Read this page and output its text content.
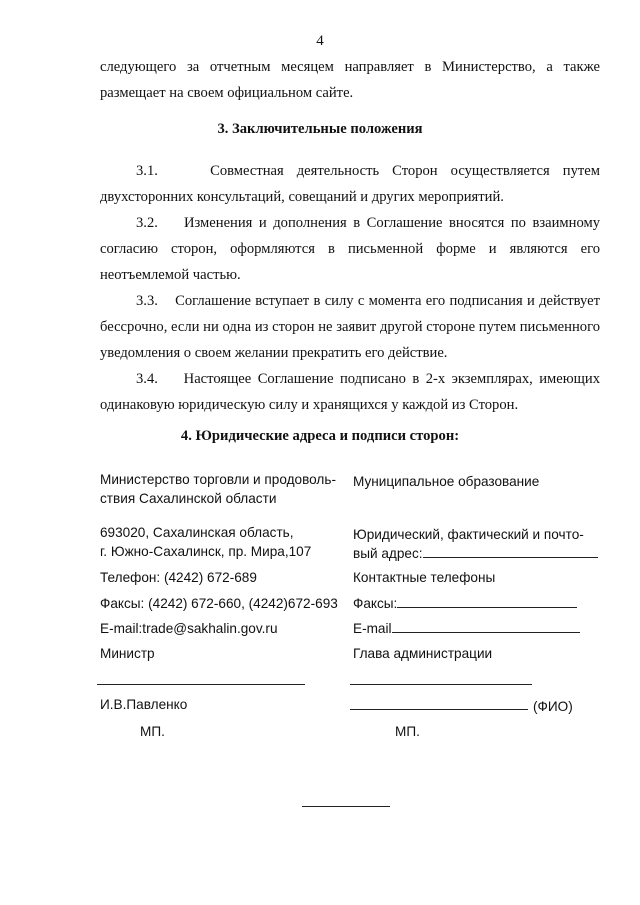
4

следующего за отчетным месяцем направляет в Министерство, а также размещает на своем официальном сайте.

3. Заключительные положения

3.1.	Совместная деятельность Сторон осуществляется путем двухсторонних консультаций, совещаний и других мероприятий.

3.2. Изменения и дополнения в Соглашение вносятся по взаимному согласию сторон, оформляются в письменной форме и являются его неотъемлемой частью.

3.3. Соглашение вступает в силу с момента его подписания и действует бессрочно, если ни одна из сторон не заявит другой стороне путем письменного уведомления о своем желании прекратить его действие.

3.4. Настоящее Соглашение подписано в 2-х экземплярах, имеющих одинаковую юридическую силу и хранящихся у каждой из Сторон.

4. Юридические адреса и подписи сторон:
Министерство торговли и продоволь-
ствия Сахалинской области
693020, Сахалинская область,
г. Южно-Сахалинск, пр. Мира,107
Телефон: (4242) 672-689
Факсы: (4242) 672-660, (4242)672-693
E-mail:trade@sakhalin.gov.ru
Министр
И.В.Павленко
МП.
Муниципальное образование
Юридический, фактический и почто-
вый адрес:
Контактные телефоны
Факсы:
E-mail
Глава администрации
(ФИО)
МП.
